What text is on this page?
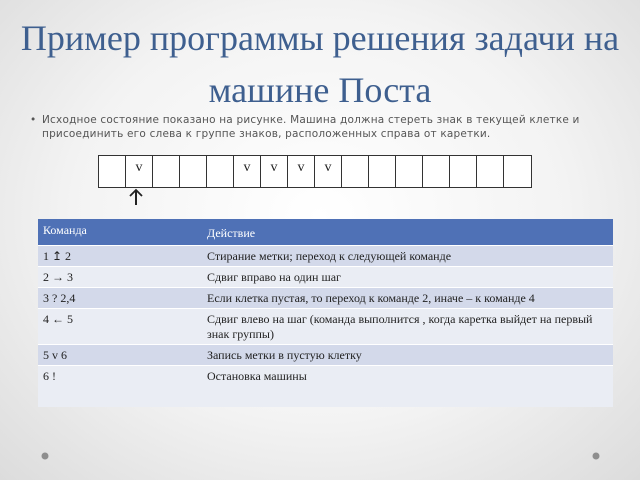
Пример программы решения задачи на машине Поста
• Исходное состояние показано на рисунке. Машина должна стереть знак в текущей клетке и присоединить его слева к группе знаков, расположенных справа от каретки.
v	v	v	v	v
Команда	Действие
1 ↥ 2	Стирание метки; переход к следующей команде
2 → 3	Сдвиг вправо на один шаг
3 ? 2,4	Если клетка пустая, то переход к команде 2, иначе – к команде 4
4 ← 5	Сдвиг влево на шаг (команда выполнится , когда каретка выйдет на первый знак группы)
5 v 6	Запись метки в пустую клетку
6 !	Остановка машины
